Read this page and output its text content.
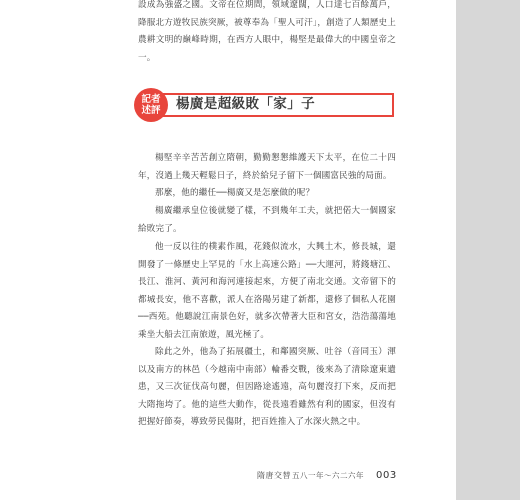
設成為強盛之國。文帝在位期間，領域遼闊，人口達七百餘萬戶，降服北方遊牧民族突厥，被尊奉為「聖人可汗」，創造了人類歷史上農耕文明的巔峰時期，在西方人眼中，楊堅是最偉大的中國皇帝之一。

記者
述評 楊廣是超級敗「家」子

楊堅辛辛苦苦創立隋朝，勤勤懇懇維護天下太平，在位二十四年，沒過上幾天輕鬆日子，終於給兒子留下一個國富民強的局面。

那麼，他的繼任──楊廣又是怎麼做的呢？

楊廣繼承皇位後就變了樣，不到幾年工夫，就把偌大一個國家給敗完了。

他一反以往的樸素作風，花錢似流水，大興土木，修長城，還開發了一條歷史上罕見的「水上高速公路」──大運河，將錢塘江、長江、淮河、黃河和海河連接起來，方便了南北交通。文帝留下的都城長安，他不喜歡，派人在洛陽另建了新都，還修了個私人花園──西苑。他聽說江南景色好，就多次帶著大臣和宮女，浩浩蕩蕩地乘坐大船去江南旅遊，風光極了。

除此之外，他為了拓展疆土，和鄰國突厥、吐谷（音同玉）渾以及南方的林邑（今越南中南部）輪番交戰，後來為了清除遼東遺患，又三次征伐高句麗，但因路途遙遠，高句麗沒打下來，反而把大隋拖垮了。他的這些大動作，從長遠看雖然有利的國家，但沒有把握好節奏，導致勞民傷財，把百姓推入了水深火熱之中。

隋唐交替 五八一年～六二六年 003
